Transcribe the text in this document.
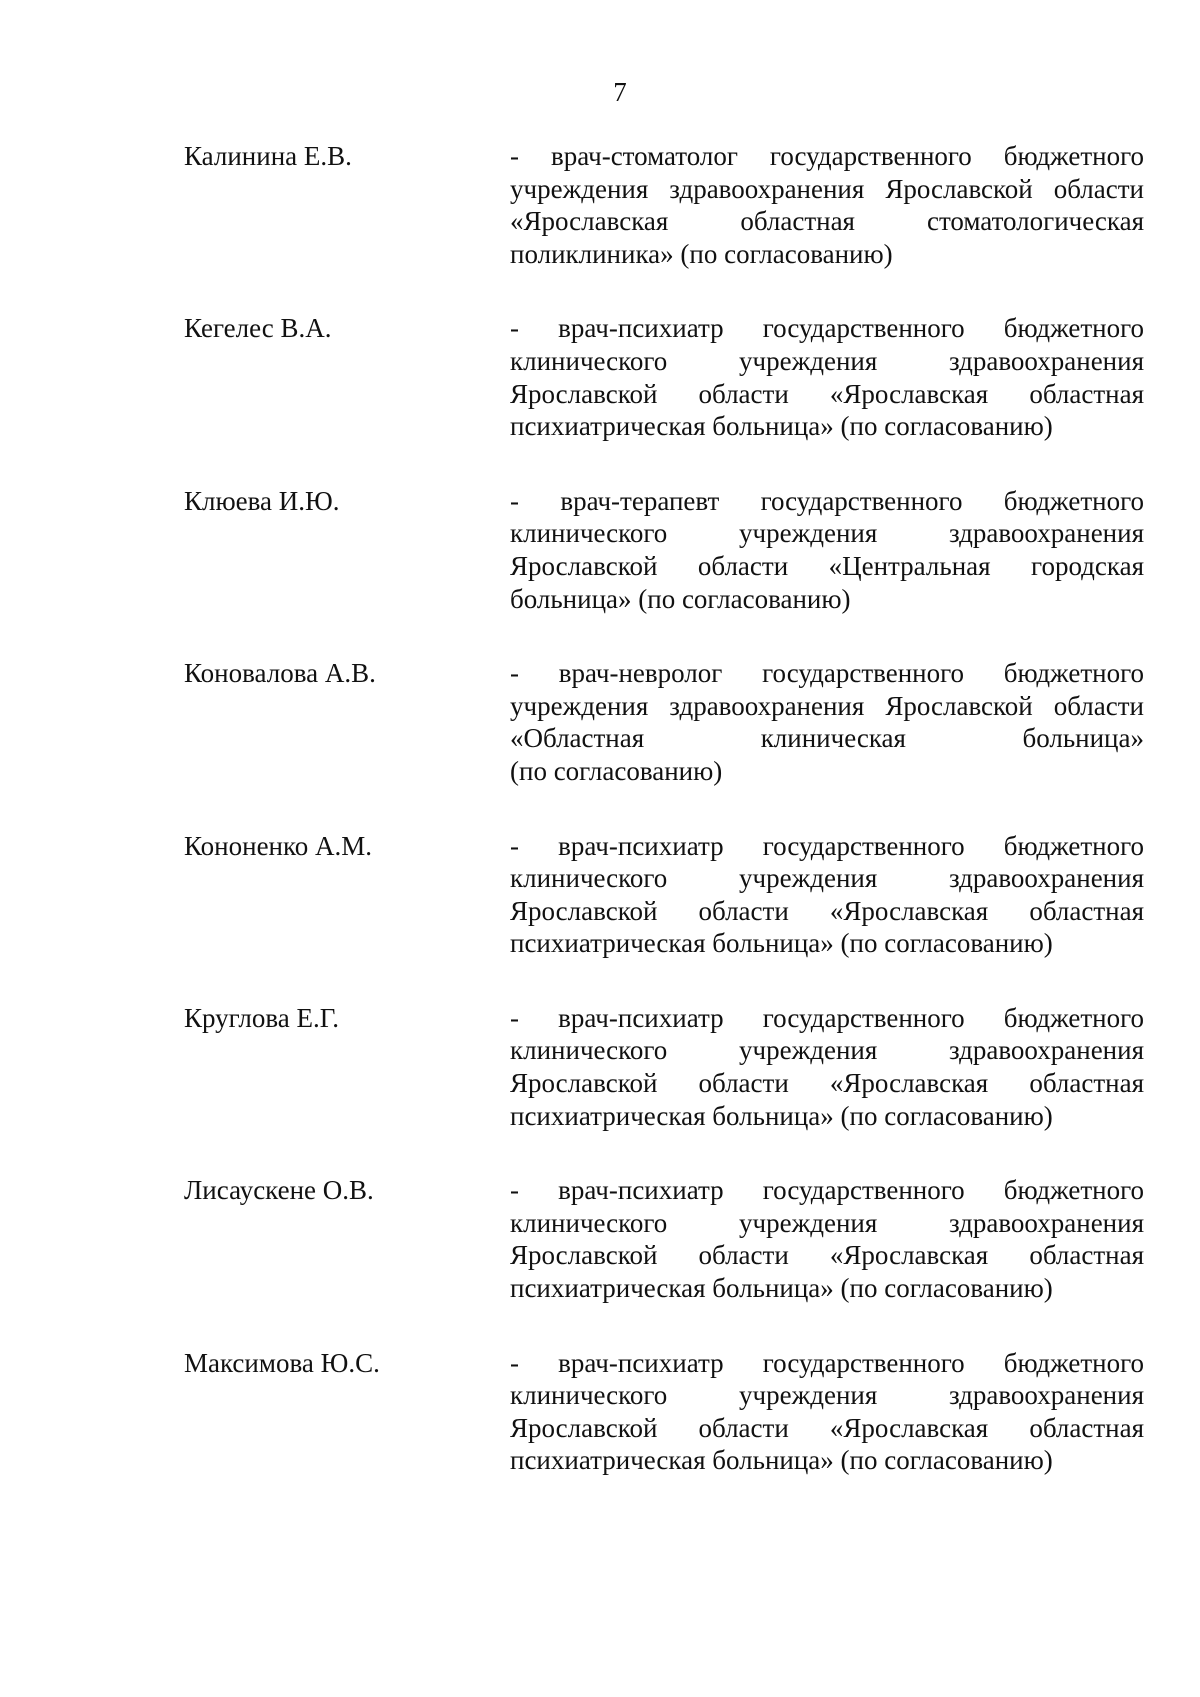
7
Калинина Е.В.	- врач-стоматолог государственного бюджетного
учреждения здравоохранения Ярославской области
«Ярославская областная стоматологическая
поликлиника» (по согласованию)
Кегелес В.А.	- врач-психиатр государственного бюджетного
клинического учреждения здравоохранения
Ярославской области «Ярославская областная
психиатрическая больница» (по согласованию)
Клюева И.Ю.	- врач-терапевт государственного бюджетного
клинического учреждения здравоохранения
Ярославской области «Центральная городская
больница» (по согласованию)
Коновалова А.В.	- врач-невролог государственного бюджетного
учреждения здравоохранения Ярославской области
«Областная клиническая больница»
(по согласованию)
Кононенко А.М.	- врач-психиатр государственного бюджетного
клинического учреждения здравоохранения
Ярославской области «Ярославская областная
психиатрическая больница» (по согласованию)
Круглова Е.Г.	- врач-психиатр государственного бюджетного
клинического учреждения здравоохранения
Ярославской области «Ярославская областная
психиатрическая больница» (по согласованию)
Лисаускене О.В.	- врач-психиатр государственного бюджетного
клинического учреждения здравоохранения
Ярославской области «Ярославская областная
психиатрическая больница» (по согласованию)
Максимова Ю.С.	- врач-психиатр государственного бюджетного
клинического учреждения здравоохранения
Ярославской области «Ярославская областная
психиатрическая больница» (по согласованию)
